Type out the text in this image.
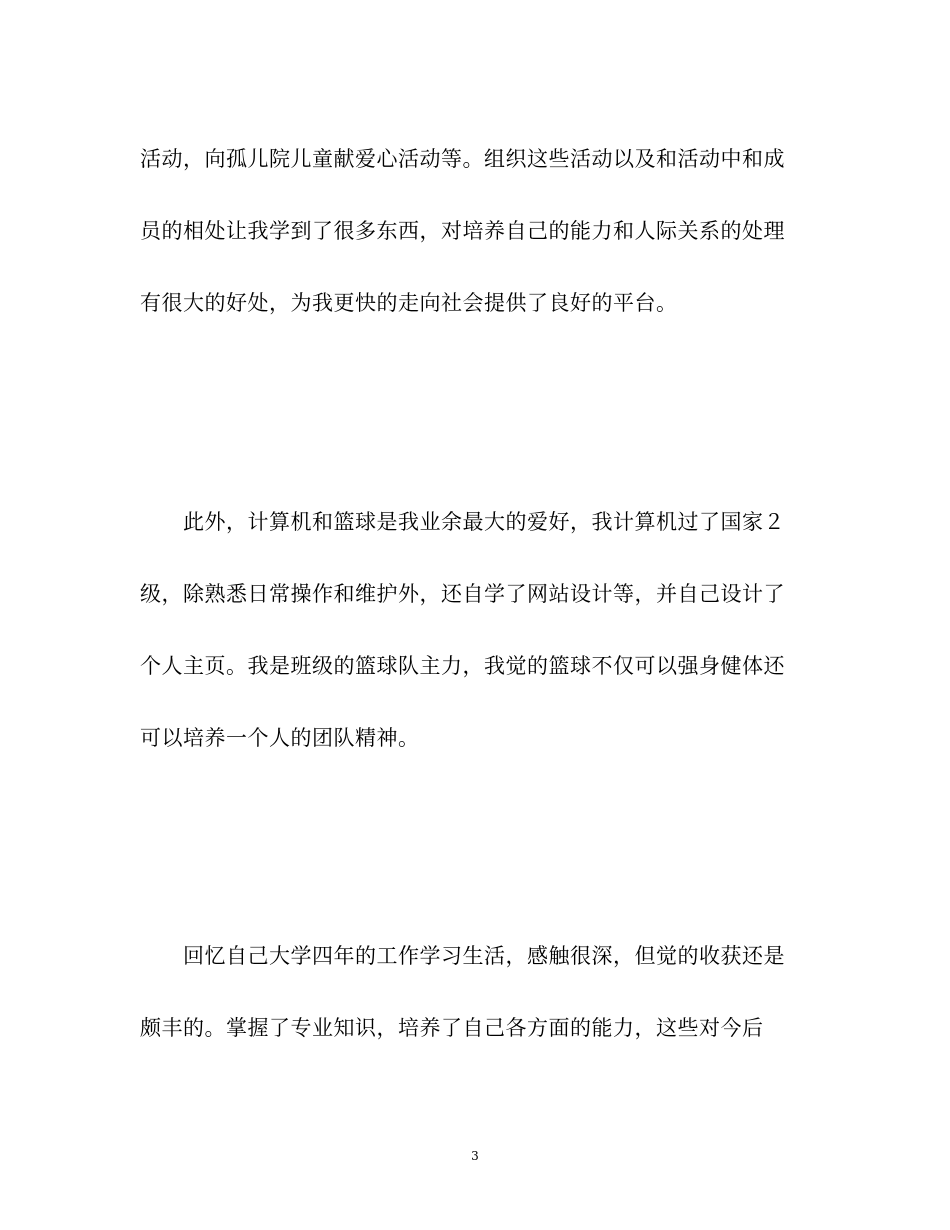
活动，向孤儿院儿童献爱心活动等。组织这些活动以及和活动中和成
员的相处让我学到了很多东西，对培养自己的能力和人际关系的处理
有很大的好处，为我更快的走向社会提供了良好的平台。
此外，计算机和篮球是我业余最大的爱好，我计算机过了国家２
级，除熟悉日常操作和维护外，还自学了网站设计等，并自己设计了
个人主页。我是班级的篮球队主力，我觉的篮球不仅可以强身健体还
可以培养一个人的团队精神。
回忆自己大学四年的工作学习生活，感触很深，但觉的收获还是
颇丰的。掌握了专业知识，培养了自己各方面的能力，这些对今后
3
